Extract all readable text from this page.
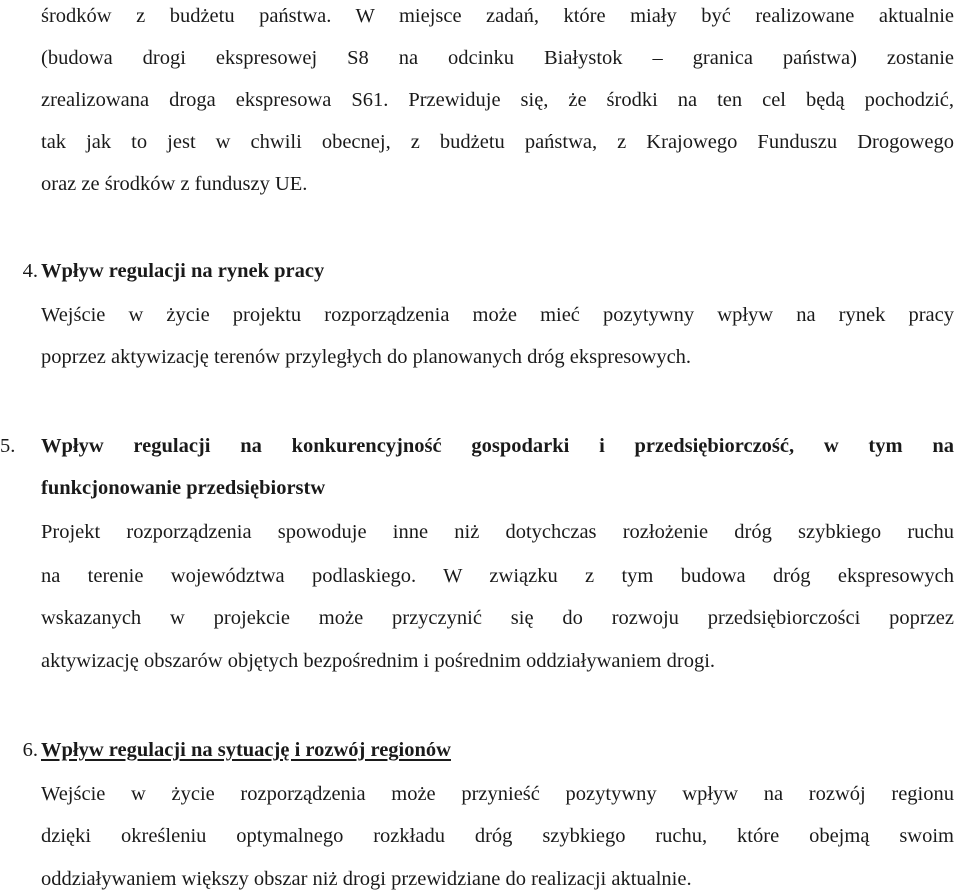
środków z budżetu państwa. W miejsce zadań, które miały być realizowane aktualnie
(budowa drogi ekspresowej S8 na odcinku Białystok – granica państwa) zostanie
zrealizowana droga ekspresowa S61. Przewiduje się, że środki na ten cel będą pochodzić,
tak jak to jest w chwili obecnej, z budżetu państwa, z Krajowego Funduszu Drogowego
oraz ze środków z funduszy UE.
4. Wpływ regulacji na rynek pracy
Wejście w życie projektu rozporządzenia może mieć pozytywny wpływ na rynek pracy
poprzez aktywizację terenów przyległych do planowanych dróg ekspresowych.
5.	Wpływ regulacji na konkurencyjność gospodarki i przedsiębiorczość, w tym na
funkcjonowanie przedsiębiorstw
Projekt rozporządzenia spowoduje inne niż dotychczas rozłożenie dróg szybkiego ruchu
na terenie województwa podlaskiego. W związku z tym budowa dróg ekspresowych
wskazanych w projekcie może przyczynić się do rozwoju przedsiębiorczości poprzez
aktywizację obszarów objętych bezpośrednim i pośrednim oddziaływaniem drogi.
6. Wpływ regulacji na sytuację i rozwój regionów
Wejście w życie rozporządzenia może przynieść pozytywny wpływ na rozwój regionu
dzięki określeniu optymalnego rozkładu dróg szybkiego ruchu, które obejmą swoim
oddziaływaniem większy obszar niż drogi przewidziane do realizacji aktualnie.
